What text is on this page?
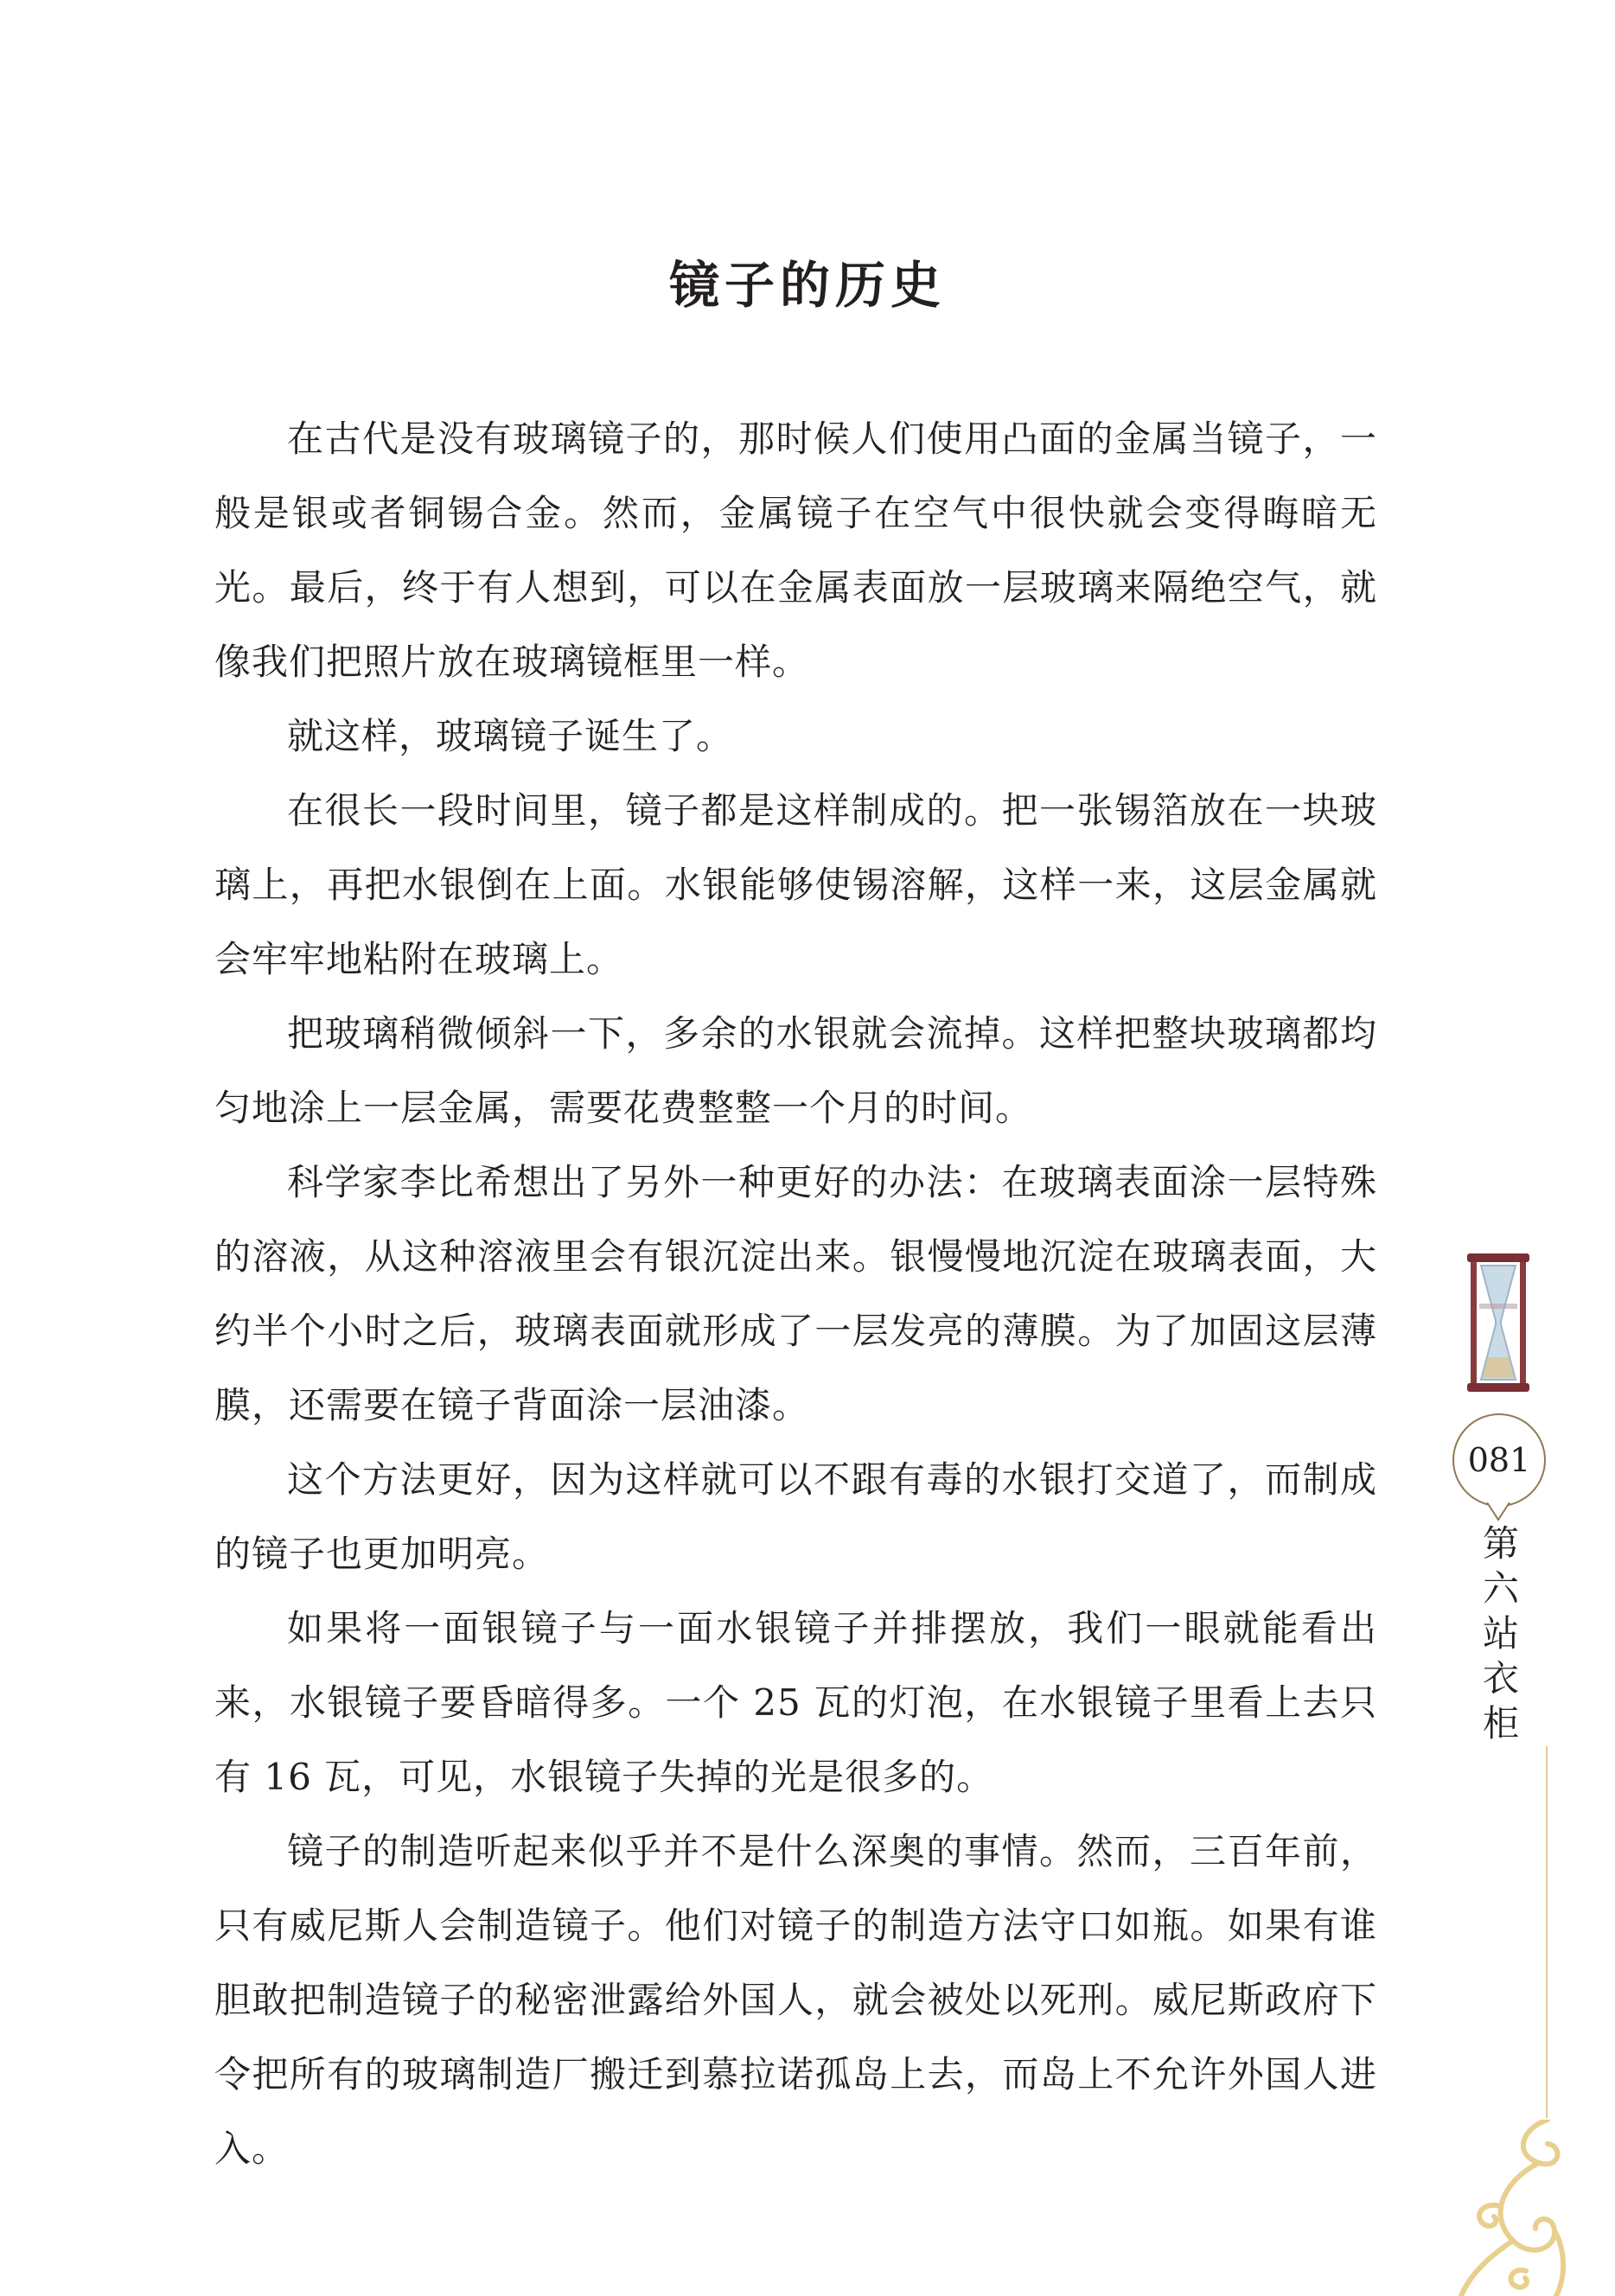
镜子的历史

在古代是没有玻璃镜子的，那时候人们使用凸面的金属当镜子，一般是银或者铜锡合金。然而，金属镜子在空气中很快就会变得晦暗无光。最后，终于有人想到，可以在金属表面放一层玻璃来隔绝空气，就像我们把照片放在玻璃镜框里一样。

就这样，玻璃镜子诞生了。

在很长一段时间里，镜子都是这样制成的。把一张锡箔放在一块玻璃上，再把水银倒在上面。水银能够使锡溶解，这样一来，这层金属就会牢牢地粘附在玻璃上。

把玻璃稍微倾斜一下，多余的水银就会流掉。这样把整块玻璃都均匀地涂上一层金属，需要花费整整一个月的时间。

科学家李比希想出了另外一种更好的办法：在玻璃表面涂一层特殊的溶液，从这种溶液里会有银沉淀出来。银慢慢地沉淀在玻璃表面，大约半个小时之后，玻璃表面就形成了一层发亮的薄膜。为了加固这层薄膜，还需要在镜子背面涂一层油漆。

这个方法更好，因为这样就可以不跟有毒的水银打交道了，而制成的镜子也更加明亮。

如果将一面银镜子与一面水银镜子并排摆放，我们一眼就能看出来，水银镜子要昏暗得多。一个 25 瓦的灯泡，在水银镜子里看上去只有 16 瓦，可见，水银镜子失掉的光是很多的。

镜子的制造听起来似乎并不是什么深奥的事情。然而，三百年前，只有威尼斯人会制造镜子。他们对镜子的制造方法守口如瓶。如果有谁胆敢把制造镜子的秘密泄露给外国人，就会被处以死刑。威尼斯政府下令把所有的玻璃制造厂搬迁到慕拉诺孤岛上去，而岛上不允许外国人进入。

081
第六站
衣柜
